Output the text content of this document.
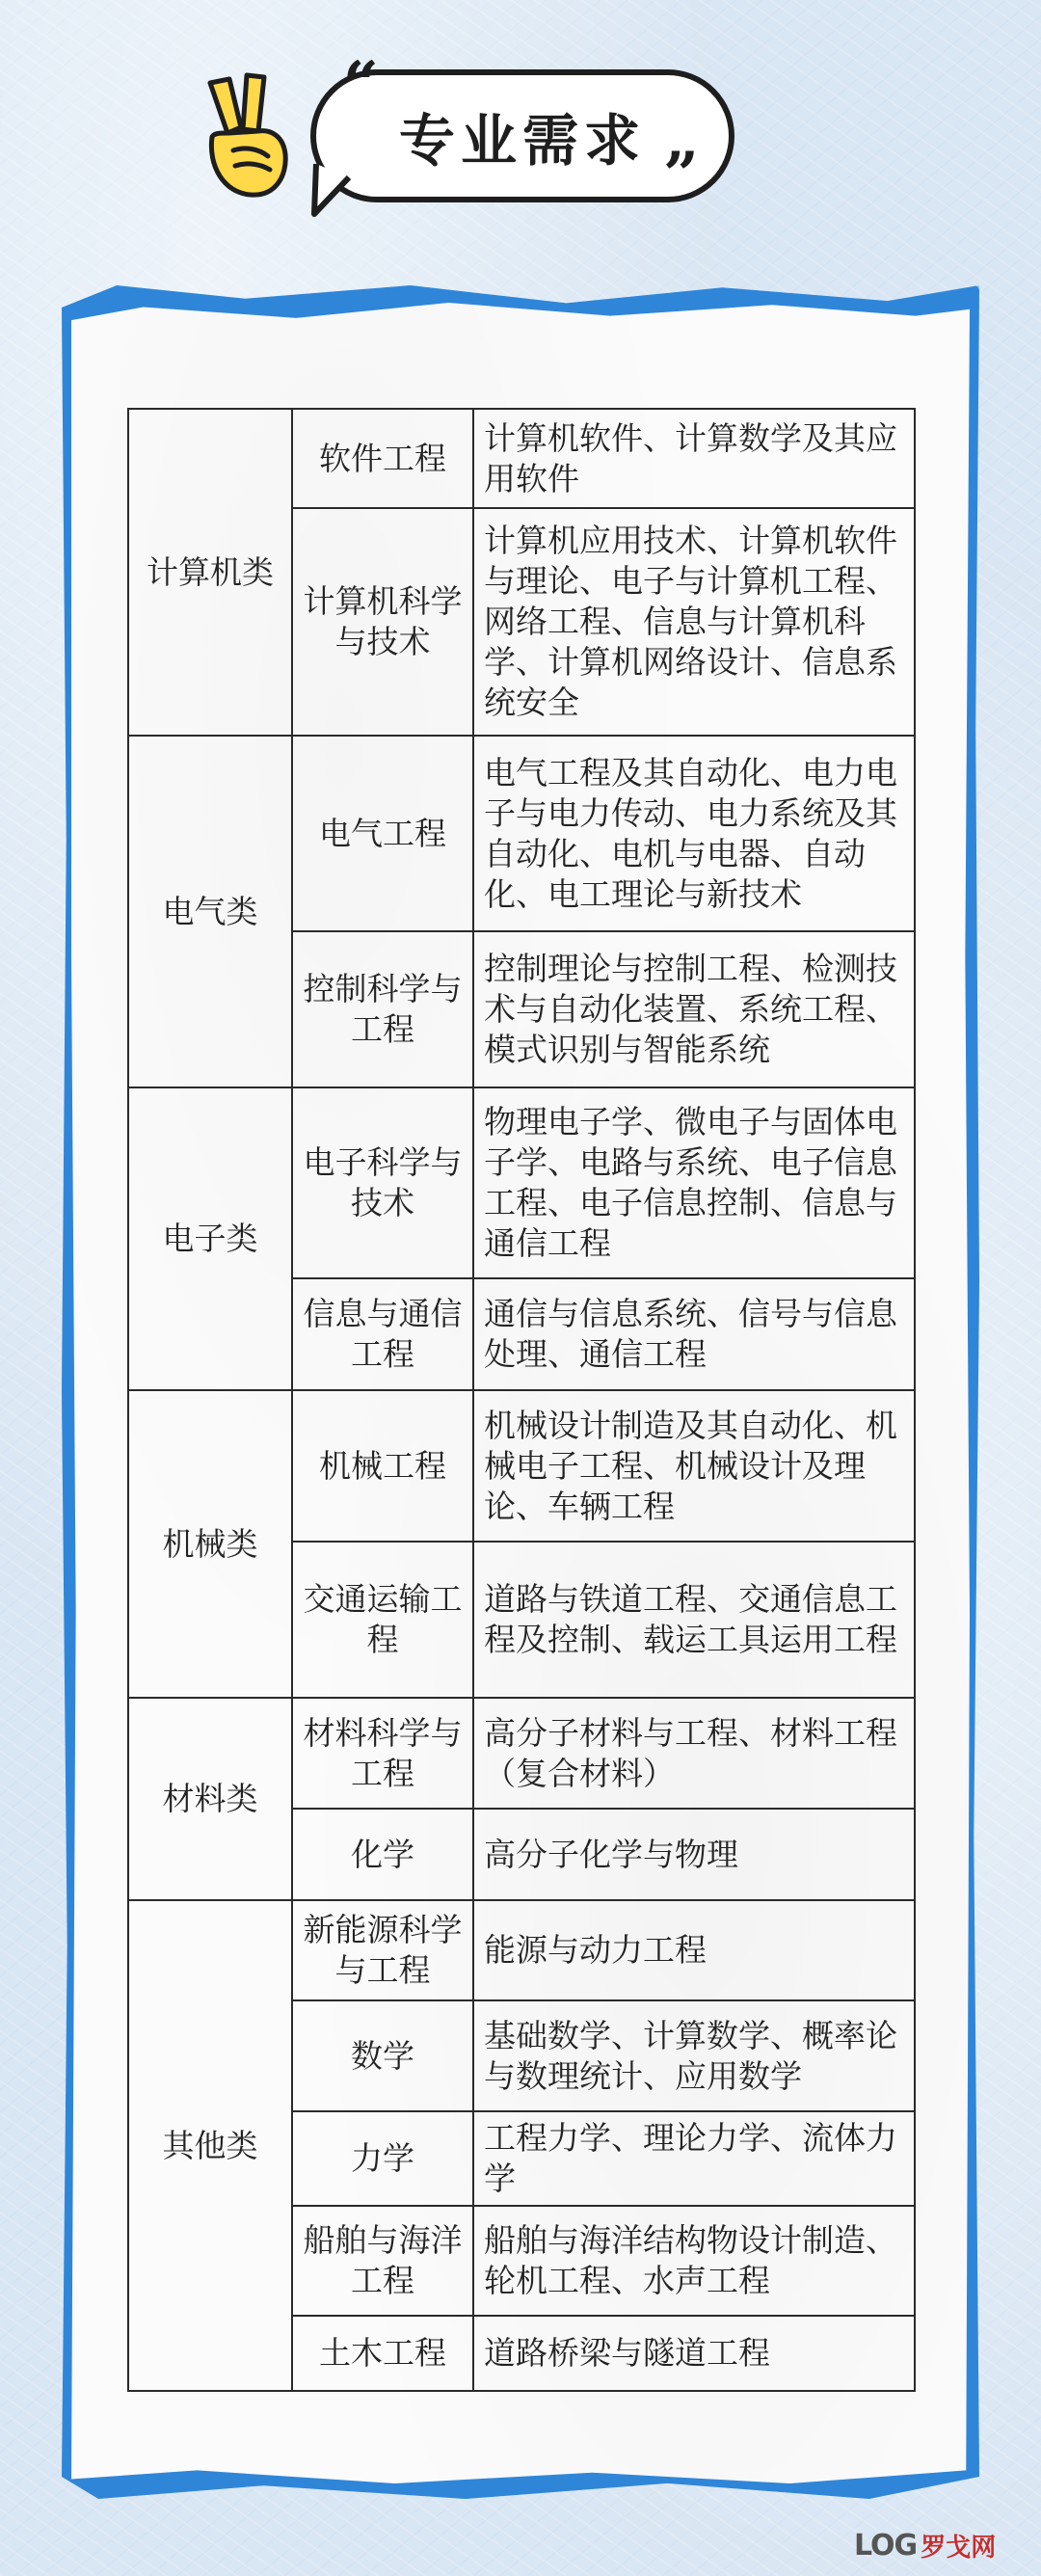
“
”
专业需求
计算机类	软件工程	计算机软件、计算数学及其应用软件
	计算机科学与技术	计算机应用技术、计算机软件与理论、电子与计算机工程、网络工程、信息与计算机科学、计算机网络设计、信息系统安全
电气类	电气工程	电气工程及其自动化、电力电子与电力传动、电力系统及其自动化、电机与电器、自动化、电工理论与新技术
	控制科学与工程	控制理论与控制工程、检测技术与自动化装置、系统工程、模式识别与智能系统
电子类	电子科学与技术	物理电子学、微电子与固体电子学、电路与系统、电子信息工程、电子信息控制、信息与通信工程
	信息与通信工程	通信与信息系统、信号与信息处理、通信工程
机械类	机械工程	机械设计制造及其自动化、机械电子工程、机械设计及理论、车辆工程
	交通运输工程	道路与铁道工程、交通信息工程及控制、载运工具运用工程
材料类	材料科学与工程	高分子材料与工程、材料工程（复合材料）
	化学	高分子化学与物理
其他类	新能源科学与工程	能源与动力工程
	数学	基础数学、计算数学、概率论与数理统计、应用数学
	力学	工程力学、理论力学、流体力学
	船舶与海洋工程	船舶与海洋结构物设计制造、轮机工程、水声工程
	土木工程	道路桥梁与隧道工程
LOG 罗戈网
